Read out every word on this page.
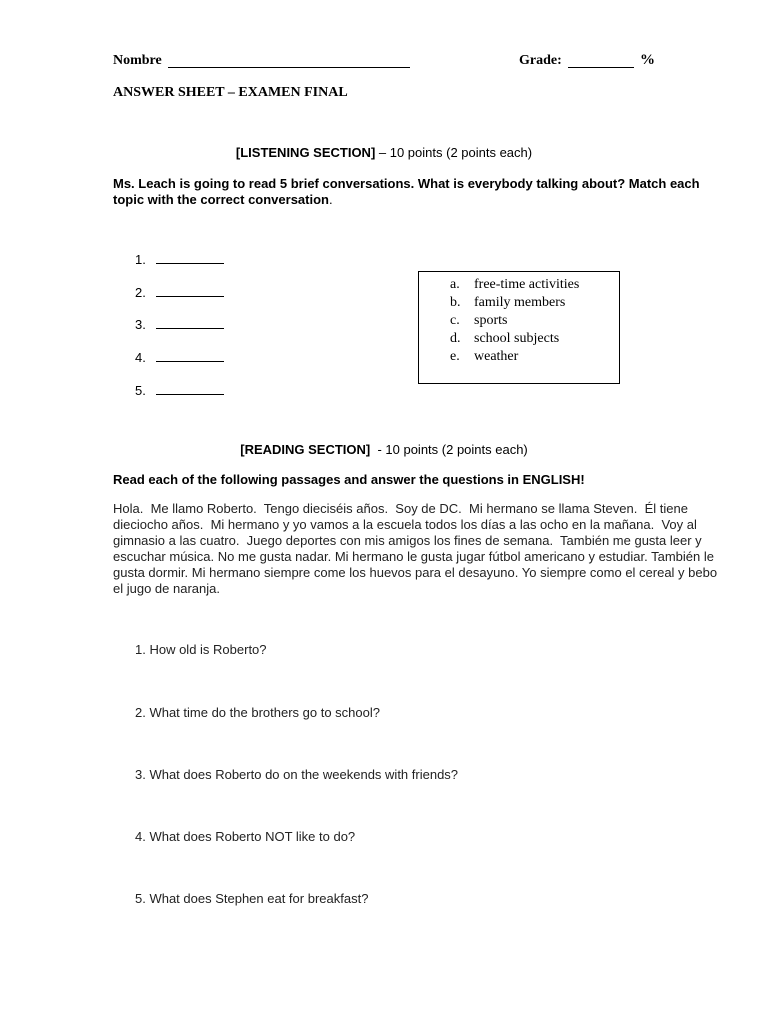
Nombre	Grade:	%
ANSWER SHEET – EXAMEN FINAL
[LISTENING SECTION] – 10 points (2 points each)
Ms. Leach is going to read 5 brief conversations. What is everybody talking about? Match each topic with the correct conversation.
1.
2.
3.
4.
5.
a. free-time activities
b. family members
c. sports
d. school subjects
e. weather
[READING SECTION]  - 10 points (2 points each)
Read each of the following passages and answer the questions in ENGLISH!
Hola.  Me llamo Roberto.  Tengo dieciséis años.  Soy de DC.  Mi hermano se llama Steven.  Él tiene dieciocho años.  Mi hermano y yo vamos a la escuela todos los días a las ocho en la mañana.  Voy al gimnasio a las cuatro.  Juego deportes con mis amigos los fines de semana.  También me gusta leer y escuchar música. No me gusta nadar. Mi hermano le gusta jugar fútbol americano y estudiar. También le gusta dormir. Mi hermano siempre come los huevos para el desayuno. Yo siempre como el cereal y bebo el jugo de naranja.
1. How old is Roberto?
2. What time do the brothers go to school?
3. What does Roberto do on the weekends with friends?
4. What does Roberto NOT like to do?
5. What does Stephen eat for breakfast?
